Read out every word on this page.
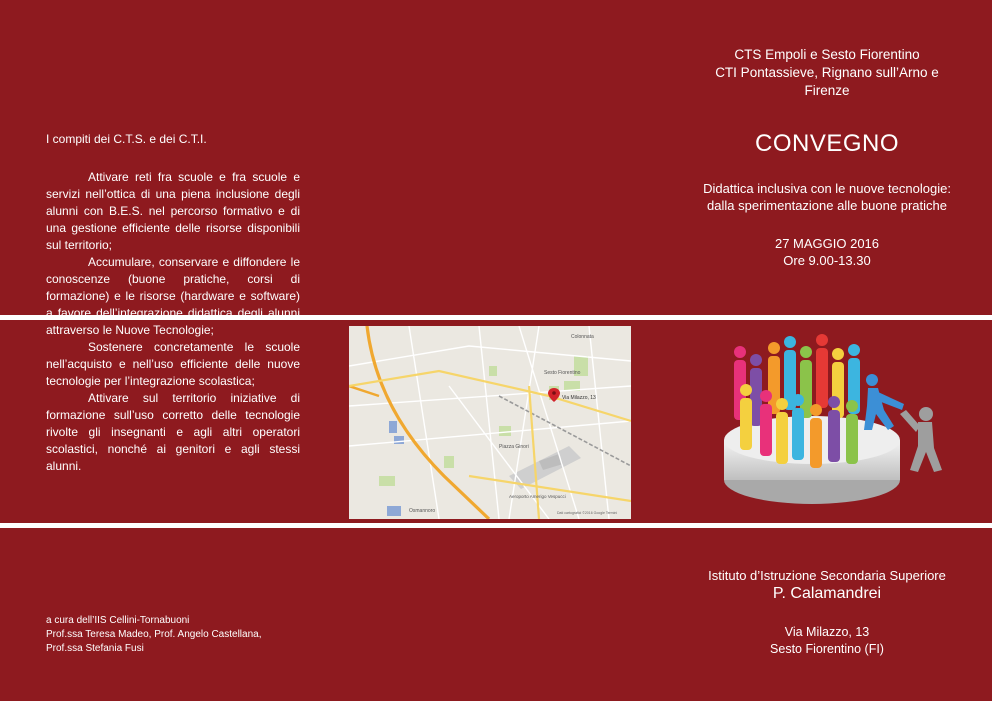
I compiti dei C.T.S. e dei C.T.I.

Attivare reti fra scuole e fra scuole e servizi nell’ottica di una piena inclusione degli alunni con B.E.S. nel percorso formativo e di una gestione efficiente delle risorse disponibili sul territorio;

Accumulare, conservare e diffondere le conoscenze (buone pratiche, corsi di formazione) e le risorse (hardware e software) a favore dell’integrazione didattica degli alunni attraverso le Nuove Tecnologie;

Sostenere concretamente le scuole nell’acquisto e nell’uso efficiente delle nuove tecnologie per l’integrazione scolastica;

Attivare sul territorio iniziative di formazione sull’uso corretto delle tecnologie rivolte gli insegnanti e agli altri operatori scolastici, nonché ai genitori e agli stessi alunni.

a cura dell’IIS Cellini-Tornabuoni
Prof.ssa Teresa Madeo, Prof. Angelo Castellana,
Prof.ssa Stefania Fusi
CTS Empoli e Sesto Fiorentino
CTI Pontassieve, Rignano sull’Arno e
Firenze
CONVEGNO
Didattica inclusiva con le nuove tecnologie:
dalla sperimentazione alle buone pratiche
27 MAGGIO 2016
Ore 9.00-13.30
Istituto d’Istruzione Secondaria Superiore
P. Calamandrei
Via Milazzo, 13
Sesto Fiorentino (FI)
Colonnata
Sesto Fiorentino
Piazza Ginori
Osmannoro
Aeroporto Amerigo Vespucci
Dati cartografici ©2016 Google Termini
Via Milazzo, 13
